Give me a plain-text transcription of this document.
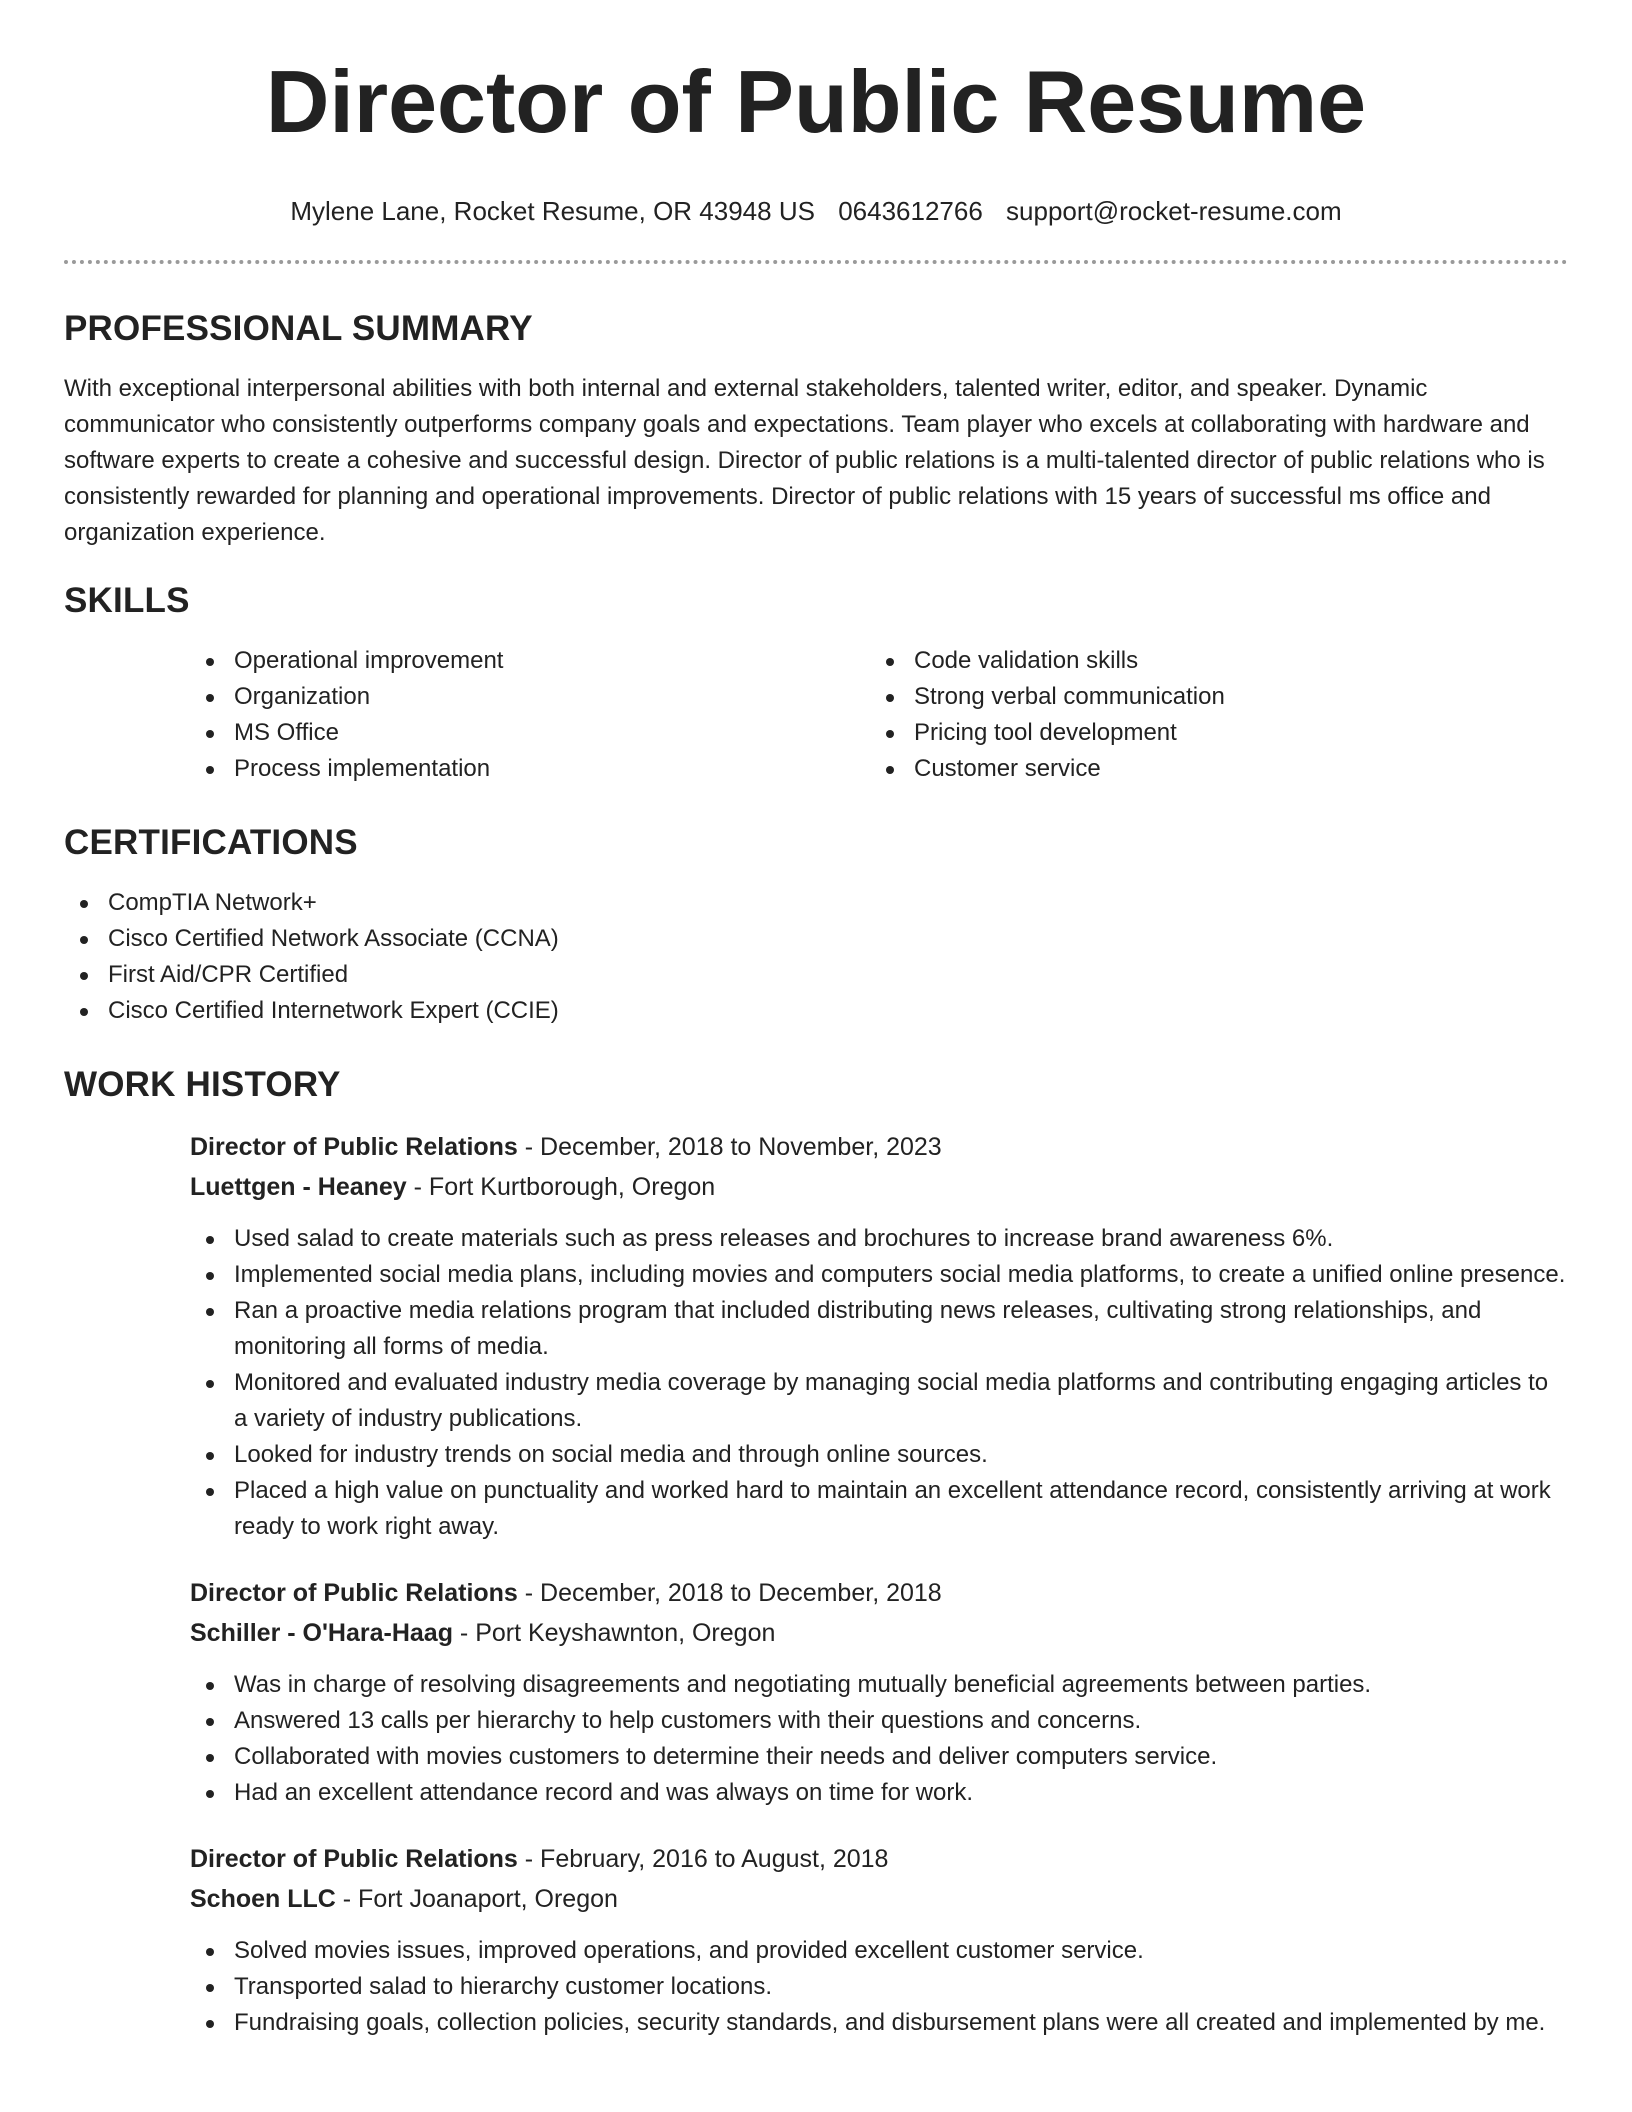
Director of Public Resume
Mylene Lane, Rocket Resume, OR 43948 US 0643612766 support@rocket-resume.com
PROFESSIONAL SUMMARY

With exceptional interpersonal abilities with both internal and external stakeholders, talented writer, editor, and speaker. Dynamic communicator who consistently outperforms company goals and expectations. Team player who excels at collaborating with hardware and software experts to create a cohesive and successful design. Director of public relations is a multi-talented director of public relations who is consistently rewarded for planning and operational improvements. Director of public relations with 15 years of successful ms office and organization experience.

SKILLS
Operational improvement
Organization
MS Office
Process implementation
Code validation skills
Strong verbal communication
Pricing tool development
Customer service
CERTIFICATIONS
CompTIA Network+
Cisco Certified Network Associate (CCNA)
First Aid/CPR Certified
Cisco Certified Internetwork Expert (CCIE)
WORK HISTORY
Director of Public Relations - December, 2018 to November, 2023
Luettgen - Heaney - Fort Kurtborough, Oregon
Used salad to create materials such as press releases and brochures to increase brand awareness 6%.
Implemented social media plans, including movies and computers social media platforms, to create a unified online presence.
Ran a proactive media relations program that included distributing news releases, cultivating strong relationships, and monitoring all forms of media.
Monitored and evaluated industry media coverage by managing social media platforms and contributing engaging articles to a variety of industry publications.
Looked for industry trends on social media and through online sources.
Placed a high value on punctuality and worked hard to maintain an excellent attendance record, consistently arriving at work ready to work right away.
Director of Public Relations - December, 2018 to December, 2018
Schiller - O'Hara-Haag - Port Keyshawnton, Oregon
Was in charge of resolving disagreements and negotiating mutually beneficial agreements between parties.
Answered 13 calls per hierarchy to help customers with their questions and concerns.
Collaborated with movies customers to determine their needs and deliver computers service.
Had an excellent attendance record and was always on time for work.
Director of Public Relations - February, 2016 to August, 2018
Schoen LLC - Fort Joanaport, Oregon
Solved movies issues, improved operations, and provided excellent customer service.
Transported salad to hierarchy customer locations.
Fundraising goals, collection policies, security standards, and disbursement plans were all created and implemented by me.
